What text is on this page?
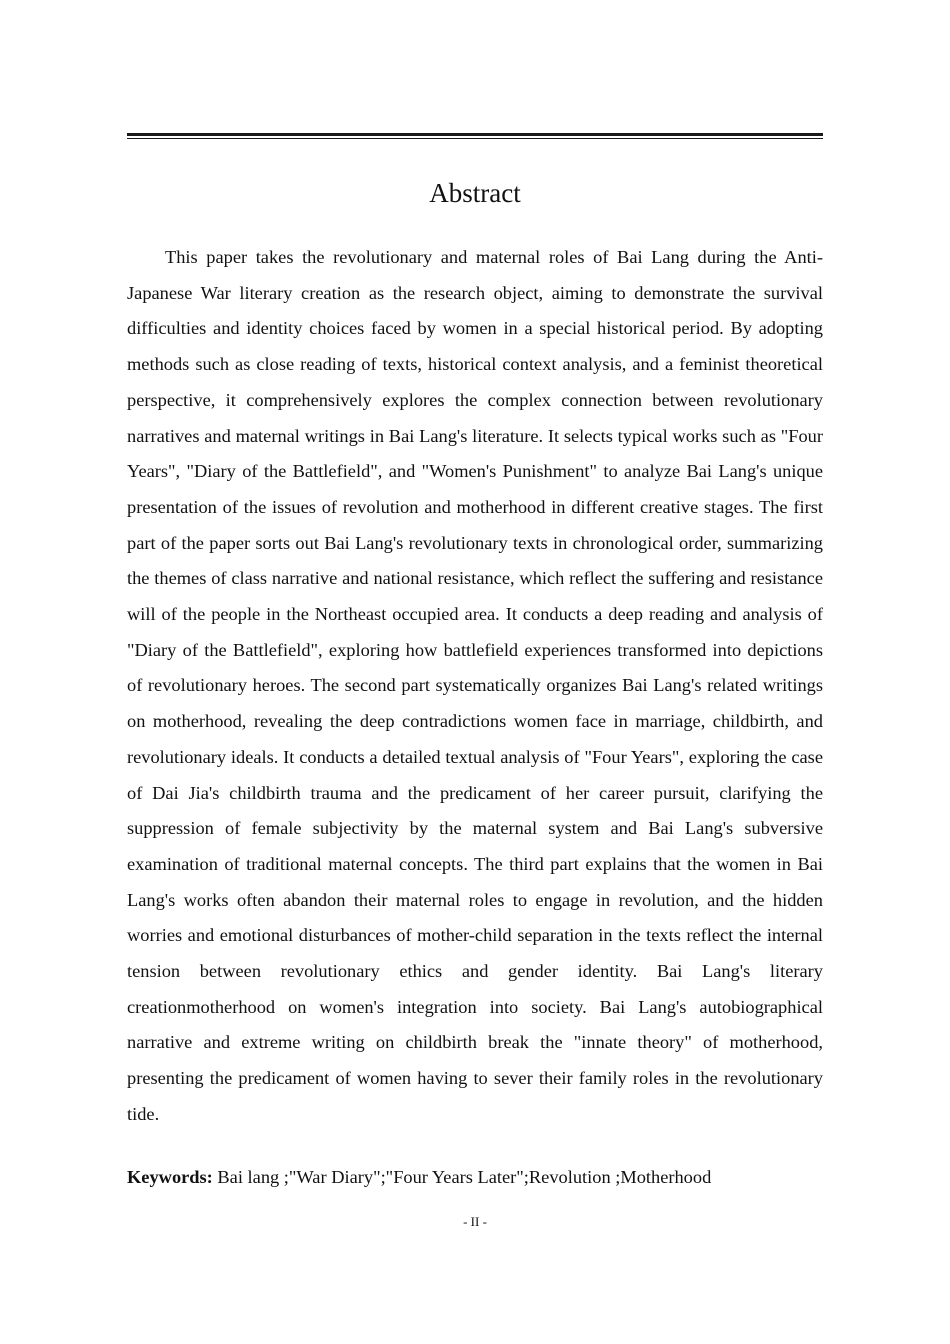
Abstract

This paper takes the revolutionary and maternal roles of Bai Lang during the Anti-Japanese War literary creation as the research object, aiming to demonstrate the survival difficulties and identity choices faced by women in a special historical period. By adopting methods such as close reading of texts, historical context analysis, and a feminist theoretical perspective, it comprehensively explores the complex connection between revolutionary narratives and maternal writings in Bai Lang's literature. It selects typical works such as "Four Years", "Diary of the Battlefield", and "Women's Punishment" to analyze Bai Lang's unique presentation of the issues of revolution and motherhood in different creative stages. The first part of the paper sorts out Bai Lang's revolutionary texts in chronological order, summarizing the themes of class narrative and national resistance, which reflect the suffering and resistance will of the people in the Northeast occupied area. It conducts a deep reading and analysis of "Diary of the Battlefield", exploring how battlefield experiences transformed into depictions of revolutionary heroes. The second part systematically organizes Bai Lang's related writings on motherhood, revealing the deep contradictions women face in marriage, childbirth, and revolutionary ideals. It conducts a detailed textual analysis of "Four Years", exploring the case of Dai Jia's childbirth trauma and the predicament of her career pursuit, clarifying the suppression of female subjectivity by the maternal system and Bai Lang's subversive examination of traditional maternal concepts. The third part explains that the women in Bai Lang's works often abandon their maternal roles to engage in revolution, and the hidden worries and emotional disturbances of mother-child separation in the texts reflect the internal tension between revolutionary ethics and gender identity. Bai Lang's literary creationmotherhood on women's integration into society. Bai Lang's autobiographical narrative and extreme writing on childbirth break the "innate theory" of motherhood, presenting the predicament of women having to sever their family roles in the revolutionary tide.

Keywords: Bai lang ;"War Diary";"Four Years Later";Revolution ;Motherhood

- II -
